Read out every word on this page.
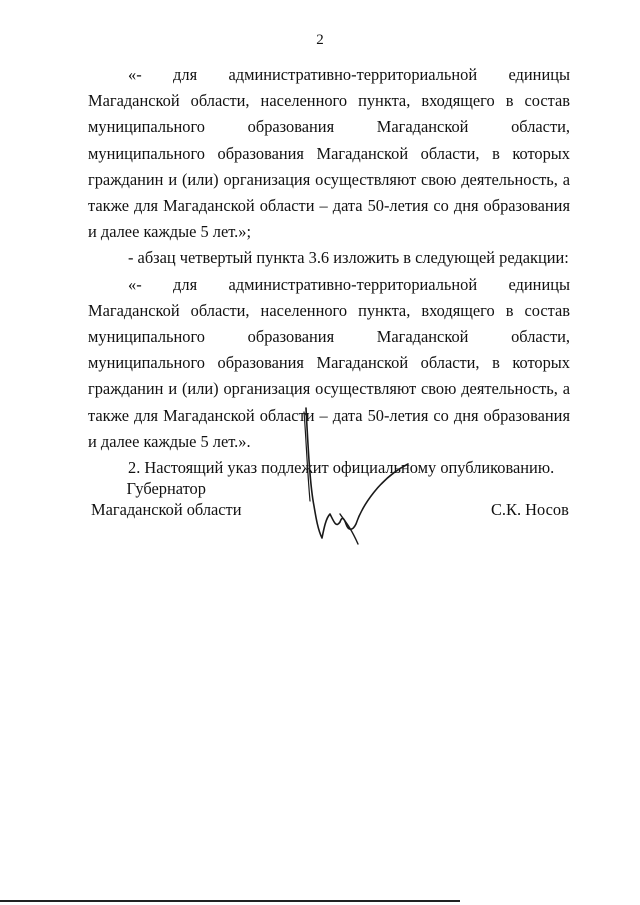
2

«- для административно-территориальной единицы Магаданской области, населенного пункта, входящего в состав муниципального образования Магаданской области, муниципального образования Магаданской области, в которых гражданин и (или) организация осуществляют свою деятельность, а также для Магаданской области – дата 50-летия со дня образования и далее каждые 5 лет.»;

- абзац четвертый пункта 3.6 изложить в следующей редакции:

«- для административно-территориальной единицы Магаданской области, населенного пункта, входящего в состав муниципального образования Магаданской области, муниципального образования Магаданской области, в которых гражданин и (или) организация осуществляют свою деятельность, а также для Магаданской области – дата 50-летия со дня образования и далее каждые 5 лет.».

2. Настоящий указ подлежит официальному опубликованию.

Губернатор
Магаданской области	С.К. Носов
